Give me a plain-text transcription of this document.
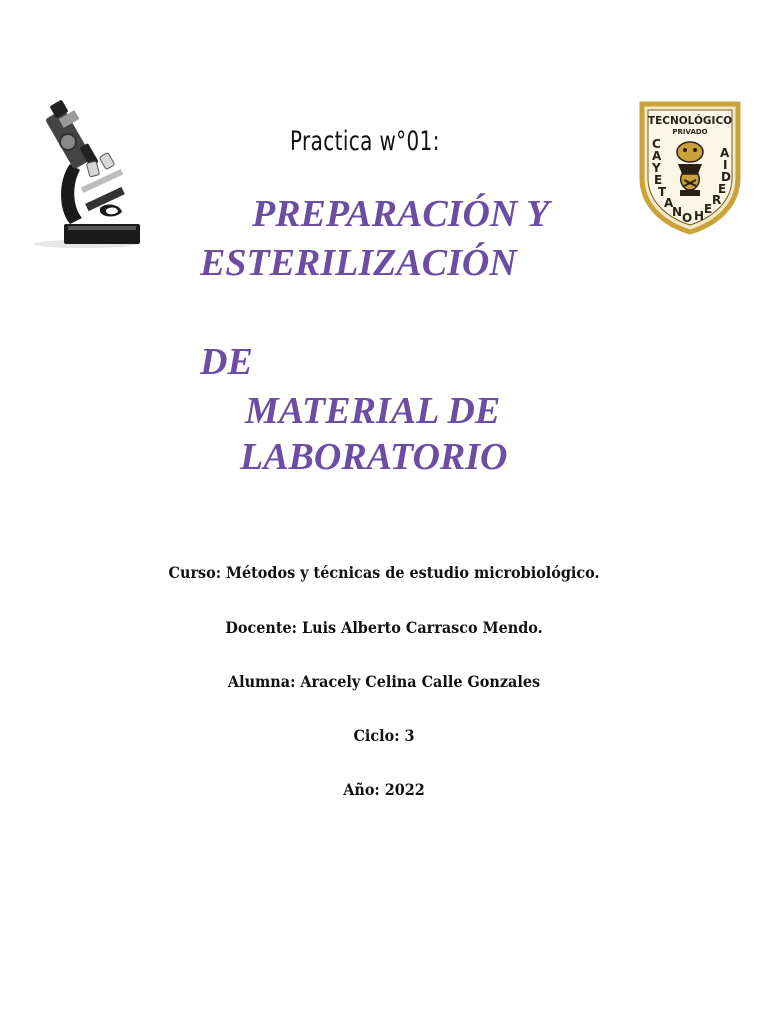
TECNOLÓGICO
PRIVADO
C A Y E T A N O H E R E D I A
Practica w°01:
PREPARACIÓN Y
ESTERILIZACIÓN
DE
MATERIAL DE
LABORATORIO
Curso: Métodos y técnicas de estudio microbiológico.
Docente: Luis Alberto Carrasco Mendo.
Alumna: Aracely Celina Calle Gonzales
Ciclo: 3
Año: 2022
